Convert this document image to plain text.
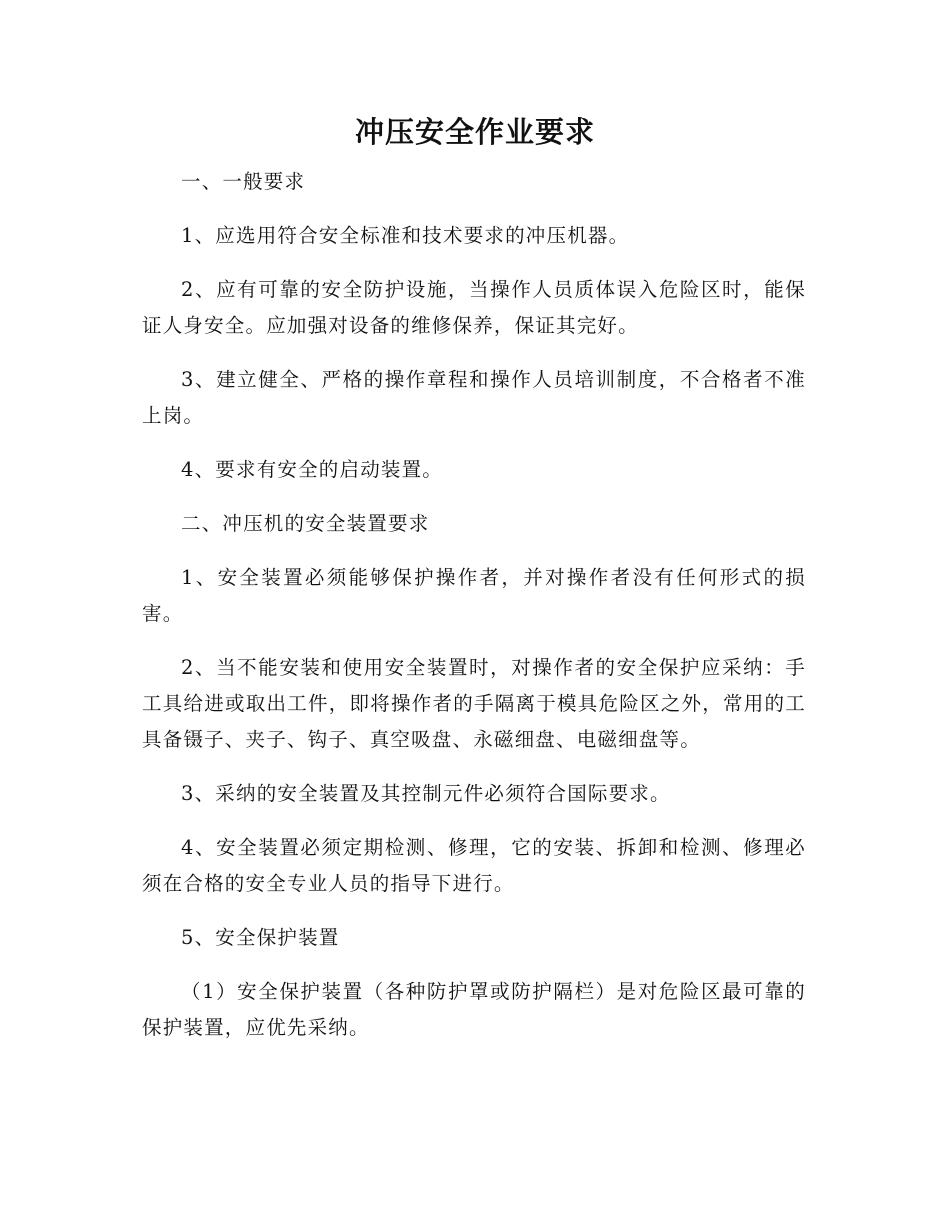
冲压安全作业要求

一、一般要求

1、应选用符合安全标准和技术要求的冲压机器。

2、应有可靠的安全防护设施，当操作人员质体误入危险区时，能保证人身安全。应加强对设备的维修保养，保证其完好。

3、建立健全、严格的操作章程和操作人员培训制度，不合格者不准上岗。

4、要求有安全的启动装置。

二、冲压机的安全装置要求

1、安全装置必须能够保护操作者，并对操作者没有任何形式的损害。

2、当不能安装和使用安全装置时，对操作者的安全保护应采纳：手工具给进或取出工件，即将操作者的手隔离于模具危险区之外，常用的工具备镊子、夹子、钩子、真空吸盘、永磁细盘、电磁细盘等。

3、采纳的安全装置及其控制元件必须符合国际要求。

4、安全装置必须定期检测、修理，它的安装、拆卸和检测、修理必须在合格的安全专业人员的指导下进行。

5、安全保护装置

（1）安全保护装置（各种防护罩或防护隔栏）是对危险区最可靠的保护装置，应优先采纳。
